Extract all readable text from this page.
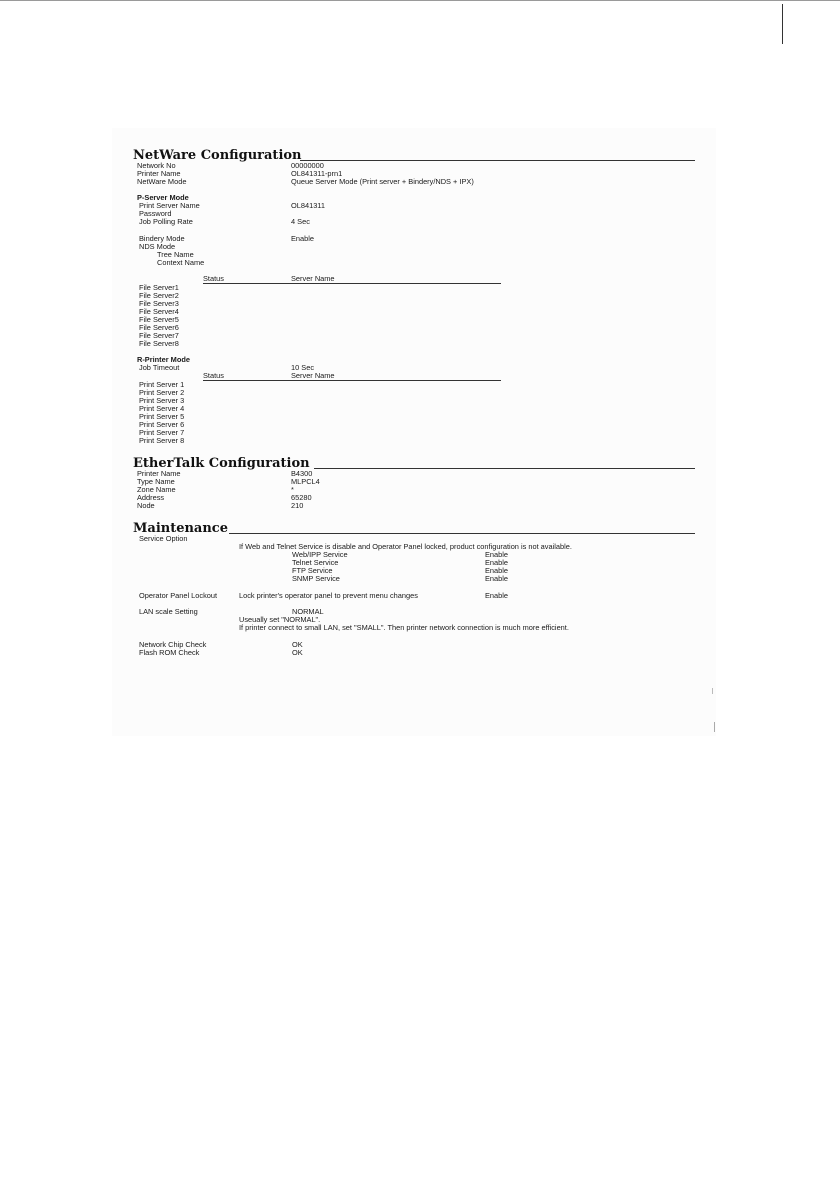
NetWare Configuration
Network No	00000000
Printer Name	OL841311-prn1
NetWare Mode	Queue Server Mode (Print server + Bindery/NDS + IPX)
P-Server Mode
Print Server Name	OL841311
Password
Job Polling Rate	4 Sec
Bindery Mode	Enable
NDS Mode
Tree Name
Context Name
Status	Server Name
File Server1
File Server2
File Server3
File Server4
File Server5
File Server6
File Server7
File Server8
R-Printer Mode
Job Timeout	10 Sec
Status	Server Name
Print Server 1
Print Server 2
Print Server 3
Print Server 4
Print Server 5
Print Server 6
Print Server 7
Print Server 8
EtherTalk Configuration
Printer Name	B4300
Type Name	MLPCL4
Zone Name	*
Address	65280
Node	210
Maintenance
Service Option
If Web and Telnet Service is disable and Operator Panel locked, product configuration is not available.
Web/IPP Service	Enable
Telnet Service	Enable
FTP Service	Enable
SNMP Service	Enable
Operator Panel Lockout	Lock printer's operator panel to prevent menu changes	Enable
LAN scale Setting	NORMAL
Useually set "NORMAL".
If printer connect to small LAN, set "SMALL". Then printer network connection is much more efficient.
Network Chip Check	OK
Flash ROM Check	OK
